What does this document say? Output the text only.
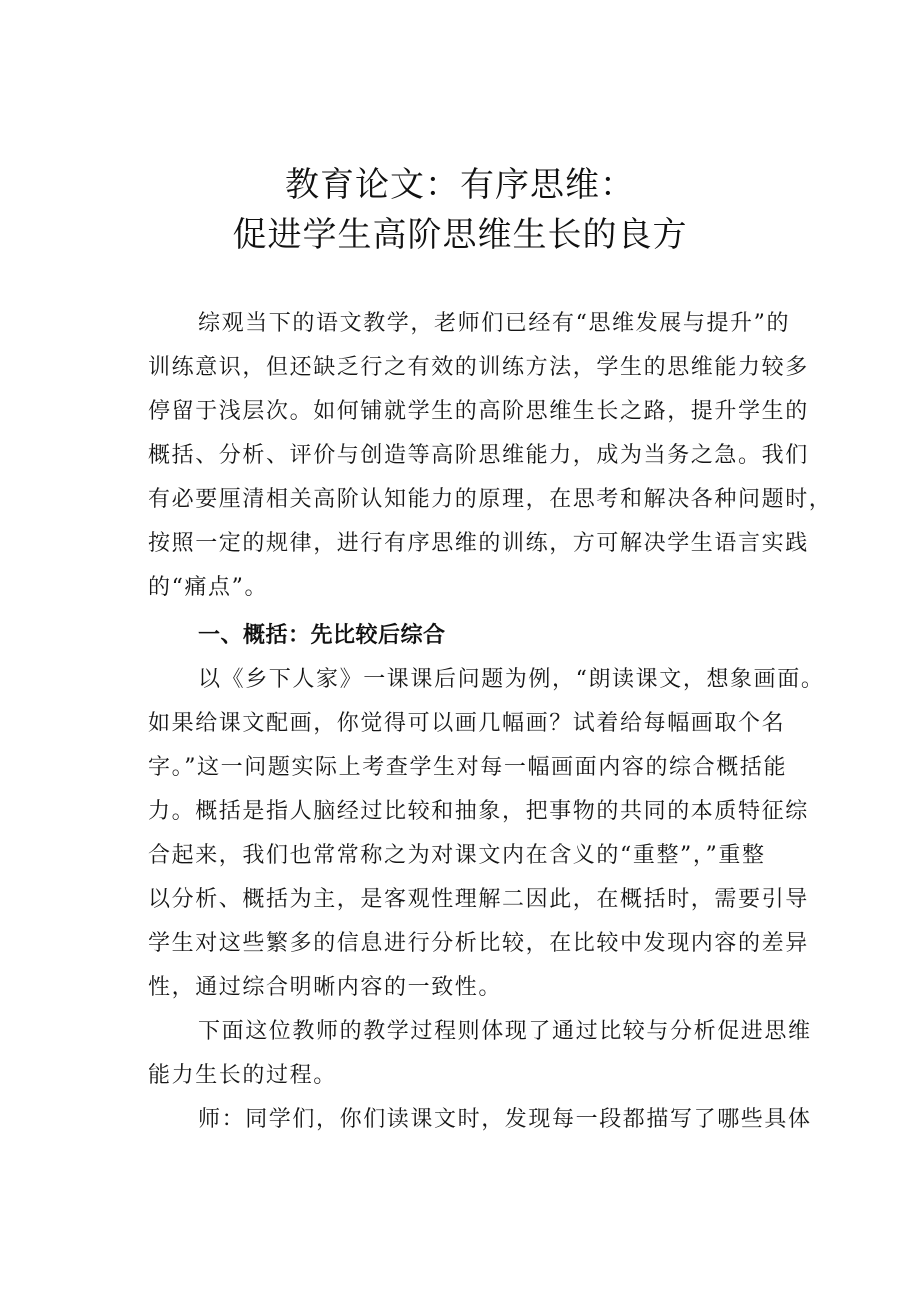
教育论文：有序思维：
促进学生高阶思维生长的良方
综观当下的语文教学，老师们已经有“思维发展与提升”的
训练意识，但还缺乏行之有效的训练方法，学生的思维能力较多
停留于浅层次。如何铺就学生的高阶思维生长之路，提升学生的
概括、分析、评价与创造等高阶思维能力，成为当务之急。我们
有必要厘清相关高阶认知能力的原理，在思考和解决各种问题时，
按照一定的规律，进行有序思维的训练，方可解决学生语言实践
的“痛点”。
一、概括：先比较后综合
以《乡下人家》一课课后问题为例，“朗读课文，想象画面。
如果给课文配画，你觉得可以画几幅画？试着给每幅画取个名
字。”这一问题实际上考查学生对每一幅画面内容的综合概括能
力。概括是指人脑经过比较和抽象，把事物的共同的本质特征综
合起来，我们也常常称之为对课文内在含义的“重整”，”重整
以分析、概括为主，是客观性理解二因此，在概括时，需要引导
学生对这些繁多的信息进行分析比较，在比较中发现内容的差异
性，通过综合明晰内容的一致性。
下面这位教师的教学过程则体现了通过比较与分析促进思维
能力生长的过程。
师：同学们，你们读课文时，发现每一段都描写了哪些具体
